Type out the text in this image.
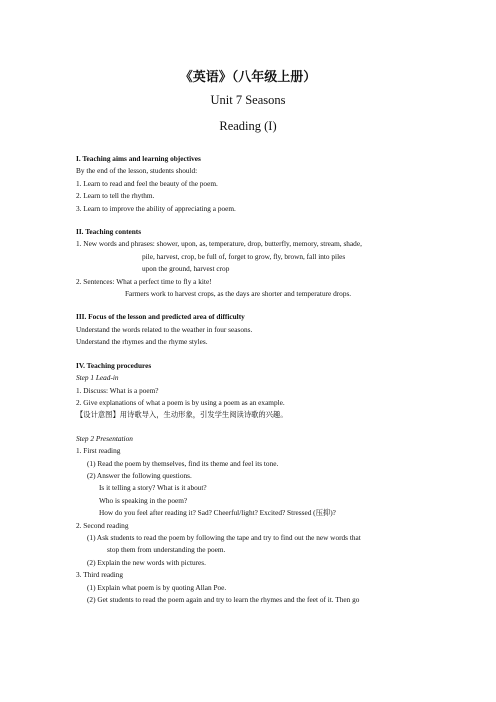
《英语》（八年级上册）
Unit 7 Seasons
Reading (I)
I. Teaching aims and learning objectives
By the end of the lesson, students should:
1. Learn to read and feel the beauty of the poem.
2. Learn to tell the rhythm.
3. Learn to improve the ability of appreciating a poem.
II. Teaching contents
1. New words and phrases: shower, upon, as, temperature, drop, butterfly, memory, stream, shade,
pile, harvest, crop, be full of, forget to grow, fly, brown, fall into piles
upon the ground, harvest crop
2. Sentences: What a perfect time to fly a kite!
Farmers work to harvest crops, as the days are shorter and temperature drops.
III. Focus of the lesson and predicted area of difficulty
Understand the words related to the weather in four seasons.
Understand the rhymes and the rhyme styles.
IV. Teaching procedures
Step 1 Lead-in
1. Discuss: What is a poem?
2. Give explanations of what a poem is by using a poem as an example.
【设计意图】用诗歌导入，生动形象，引发学生阅读诗歌的兴趣。
Step 2 Presentation
1. First reading
(1) Read the poem by themselves, find its theme and feel its tone.
(2) Answer the following questions.
Is it telling a story? What is it about?
Who is speaking in the poem?
How do you feel after reading it? Sad? Cheerful/light? Excited? Stressed (压抑)?
2. Second reading
(1) Ask students to read the poem by following the tape and try to find out the new words that
stop them from understanding the poem.
(2) Explain the new words with pictures.
3. Third reading
(1) Explain what poem is by quoting Allan Poe.
(2) Get students to read the poem again and try to learn the rhymes and the feet of it. Then go
